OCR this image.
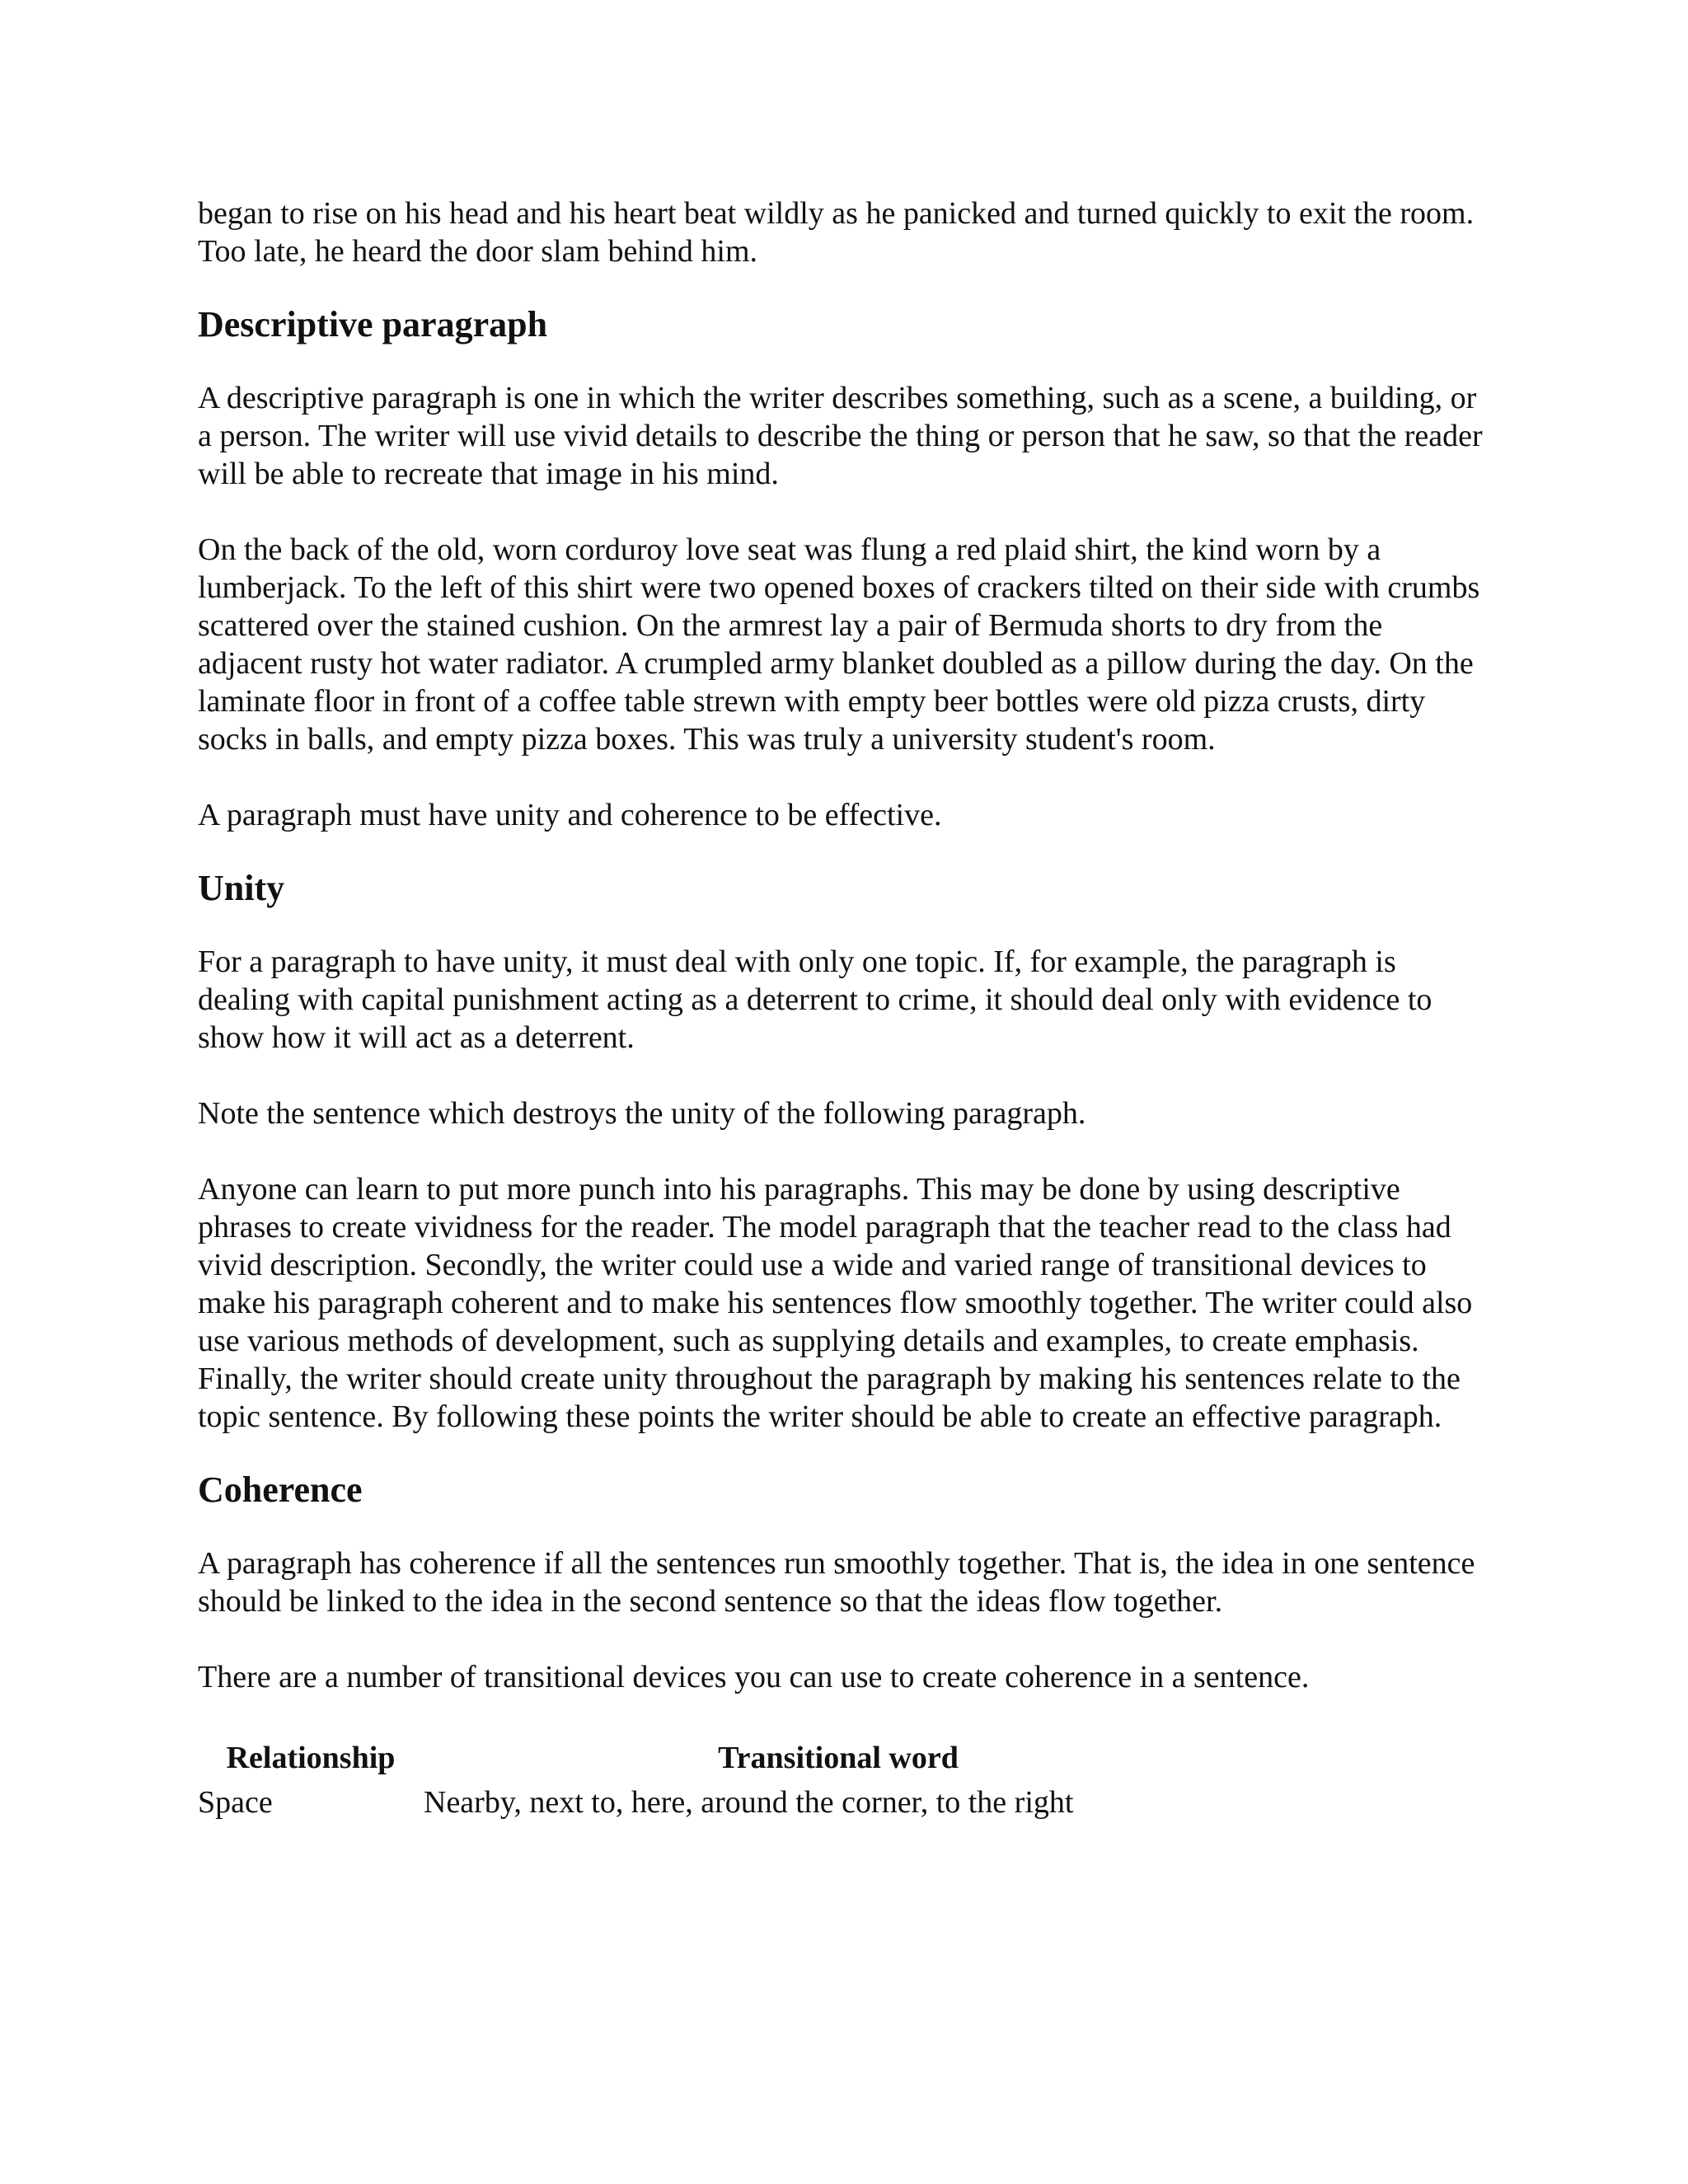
began to rise on his head and his heart beat wildly as he panicked and turned quickly to exit the room. Too late, he heard the door slam behind him.

Descriptive paragraph

A descriptive paragraph is one in which the writer describes something, such as a scene, a building, or a person. The writer will use vivid details to describe the thing or person that he saw, so that the reader will be able to recreate that image in his mind.

On the back of the old, worn corduroy love seat was flung a red plaid shirt, the kind worn by a lumberjack. To the left of this shirt were two opened boxes of crackers tilted on their side with crumbs scattered over the stained cushion. On the armrest lay a pair of Bermuda shorts to dry from the adjacent rusty hot water radiator. A crumpled army blanket doubled as a pillow during the day. On the laminate floor in front of a coffee table strewn with empty beer bottles were old pizza crusts, dirty socks in balls, and empty pizza boxes. This was truly a university student's room.

A paragraph must have unity and coherence to be effective.

Unity

For a paragraph to have unity, it must deal with only one topic. If, for example, the paragraph is dealing with capital punishment acting as a deterrent to crime, it should deal only with evidence to show how it will act as a deterrent.

Note the sentence which destroys the unity of the following paragraph.

Anyone can learn to put more punch into his paragraphs. This may be done by using descriptive phrases to create vividness for the reader. The model paragraph that the teacher read to the class had vivid description. Secondly, the writer could use a wide and varied range of transitional devices to make his paragraph coherent and to make his sentences flow smoothly together. The writer could also use various methods of development, such as supplying details and examples, to create emphasis. Finally, the writer should create unity throughout the paragraph by making his sentences relate to the topic sentence. By following these points the writer should be able to create an effective paragraph.

Coherence

A paragraph has coherence if all the sentences run smoothly together. That is, the idea in one sentence should be linked to the idea in the second sentence so that the ideas flow together.

There are a number of transitional devices you can use to create coherence in a sentence.

Relationship	Transitional word
Space	Nearby, next to, here, around the corner, to the right
